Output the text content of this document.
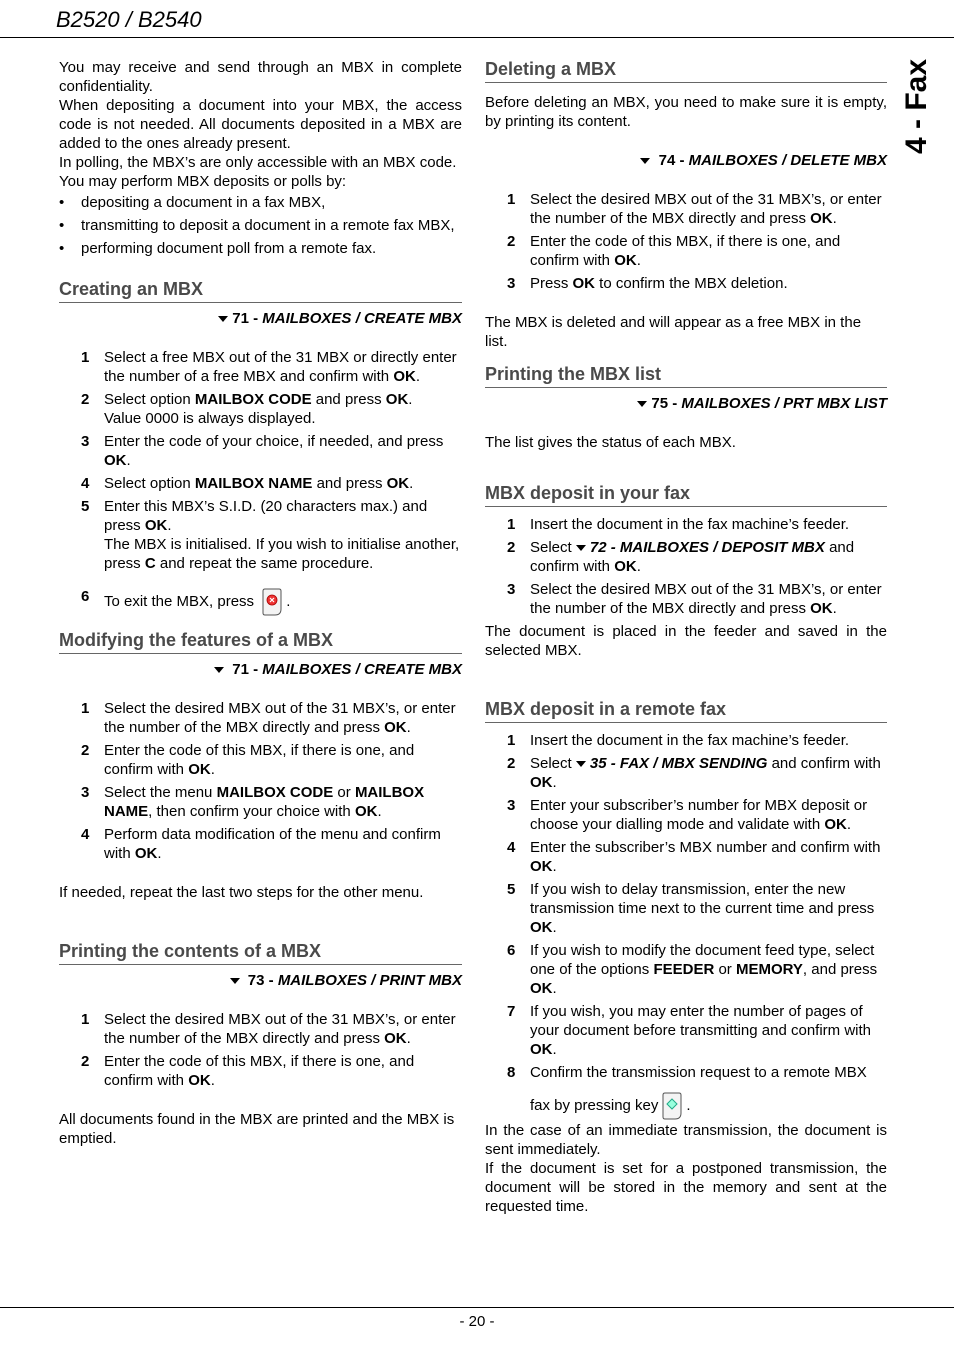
B2520 / B2540
4 - Fax

You may receive and send through an MBX in complete confidentiality.

When depositing a document into your MBX, the access code is not needed. All documents deposited in a MBX are added to the ones already present.

In polling, the MBX’s are only accessible with an MBX code.

You may perform MBX deposits or polls by:

• depositing a document in a fax MBX,
• transmitting to deposit a document in a remote fax MBX,
• performing document poll from a remote fax.
Creating an MBX

71 - MAILBOXES / CREATE MBX

1 Select a free MBX out of the 31 MBX or directly enter the number of a free MBX and confirm with OK.
2 Select option MAILBOX CODE and press OK.
Value 0000 is always displayed.
3 Enter the code of your choice, if needed, and press OK.
4 Select option MAILBOX NAME and press OK.
5 Enter this MBX’s S.I.D. (20 characters max.) and press OK.
The MBX is initialised. If you wish to initialise another, press C and repeat the same procedure.
6 To exit the MBX, press .
Modifying the features of a MBX

71 - MAILBOXES / CREATE MBX

1 Select the desired MBX out of the 31 MBX’s, or enter the number of the MBX directly and press OK.
2 Enter the code of this MBX, if there is one, and confirm with OK.
3 Select the menu MAILBOX CODE or MAILBOX NAME, then confirm your choice with OK.
4 Perform data modification of the menu and confirm with OK.

If needed, repeat the last two steps for the other menu.

Printing the contents of a MBX

73 - MAILBOXES / PRINT MBX

1 Select the desired MBX out of the 31 MBX’s, or enter the number of the MBX directly and press OK.
2 Enter the code of this MBX, if there is one, and confirm with OK.

All documents found in the MBX are printed and the MBX is emptied.

Deleting a MBX

Before deleting an MBX, you need to make sure it is empty, by printing its content.

74 - MAILBOXES / DELETE MBX

1 Select the desired MBX out of the 31 MBX’s, or enter the number of the MBX directly and press OK.
2 Enter the code of this MBX, if there is one, and confirm with OK.
3 Press OK to confirm the MBX deletion.

The MBX is deleted and will appear as a free MBX in the list.

Printing the MBX list

75 - MAILBOXES / PRT MBX LIST

The list gives the status of each MBX.

MBX deposit in your fax
1 Insert the document in the fax machine’s feeder.
2 Select 72 - MAILBOXES / DEPOSIT MBX and confirm with OK.
3 Select the desired MBX out of the 31 MBX’s, or enter the number of the MBX directly and press OK.

The document is placed in the feeder and saved in the selected MBX.

MBX deposit in a remote fax
1 Insert the document in the fax machine’s feeder.
2 Select 35 - FAX / MBX SENDING and confirm with OK.
3 Enter your subscriber’s number for MBX deposit or choose your dialling mode and validate with OK.
4 Enter the subscriber’s MBX number and confirm with OK.
5 If you wish to delay transmission, enter the new transmission time next to the current time and press OK.
6 If you wish to modify the document feed type, select one of the options FEEDER or MEMORY, and press OK.
7 If you wish, you may enter the number of pages of your document before transmitting and confirm with OK.
8 Confirm the transmission request to a remote MBX
fax by pressing key.

In the case of an immediate transmission, the document is sent immediately.

If the document is set for a postponed transmission, the document will be stored in the memory and sent at the requested time.

- 20 -
